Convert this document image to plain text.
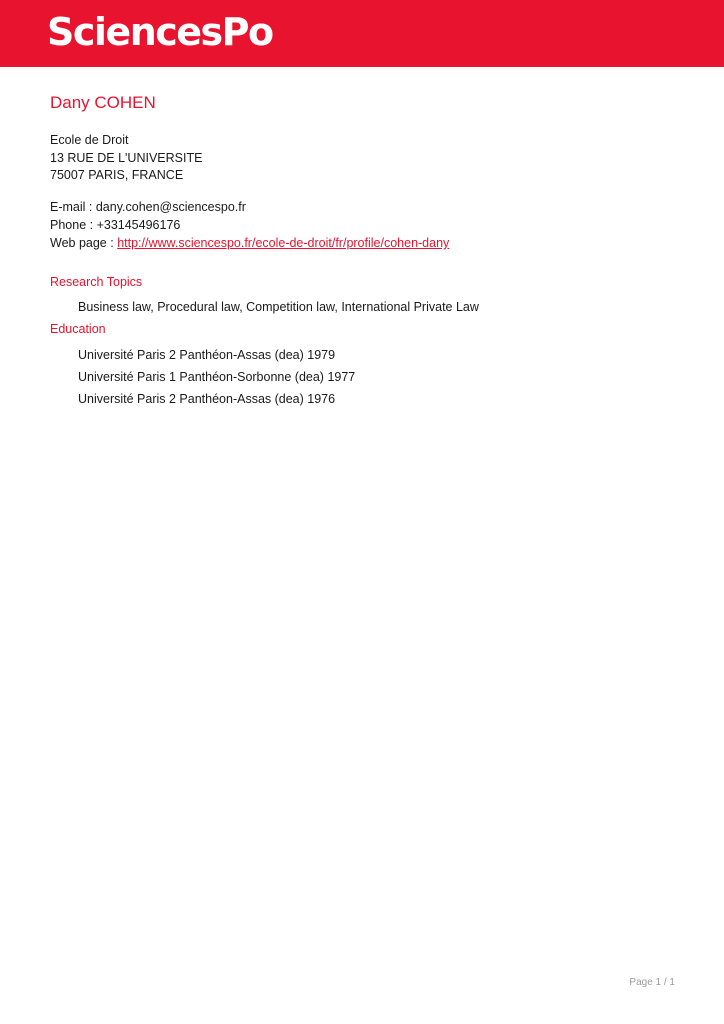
SciencesPo
Dany COHEN
Ecole de Droit
13 RUE DE L'UNIVERSITE
75007 PARIS, FRANCE
E-mail : dany.cohen@sciencespo.fr
Phone : +33145496176
Web page : http://www.sciencespo.fr/ecole-de-droit/fr/profile/cohen-dany
Research Topics
Business law, Procedural law, Competition law, International Private Law
Education
Université Paris 2 Panthéon-Assas (dea) 1979
Université Paris 1 Panthéon-Sorbonne (dea) 1977
Université Paris 2 Panthéon-Assas (dea) 1976
Page 1 / 1
